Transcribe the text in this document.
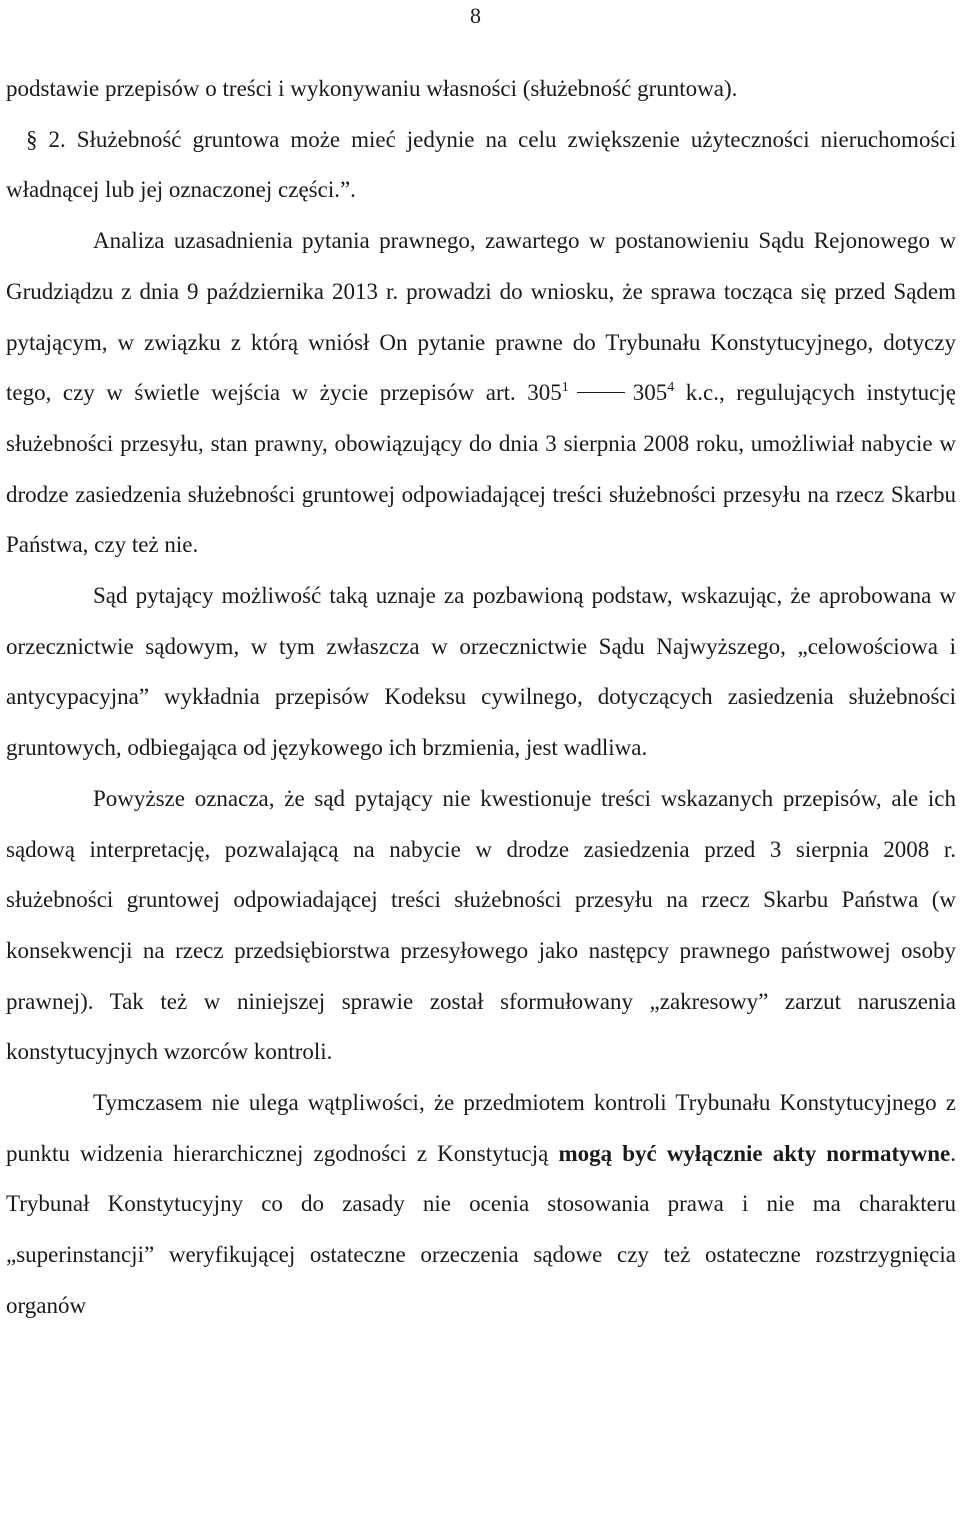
8

podstawie przepisów o treści i wykonywaniu własności (służebność gruntowa).

§ 2. Służebność gruntowa może mieć jedynie na celu zwiększenie użyteczności nieruchomości władnącej lub jej oznaczonej części.”.

Analiza uzasadnienia pytania prawnego, zawartego w postanowieniu Sądu Rejonowego w Grudziądzu z dnia 9 października 2013 r. prowadzi do wniosku, że sprawa tocząca się przed Sądem pytającym, w związku z którą wniósł On pytanie prawne do Trybunału Konstytucyjnego, dotyczy tego, czy w świetle wejścia w życie przepisów art. $305^1$	$305^4$ k.c., regulujących instytucję służebności przesyłu, stan prawny, obowiązujący do dnia 3 sierpnia 2008 roku, umożliwiał nabycie w drodze zasiedzenia służebności gruntowej odpowiadającej treści służebności przesyłu na rzecz Skarbu Państwa, czy też nie.

Sąd pytający możliwość taką uznaje za pozbawioną podstaw, wskazując, że aprobowana w orzecznictwie sądowym, w tym zwłaszcza w orzecznictwie Sądu Najwyższego, „celowościowa i antycypacyjna” wykładnia przepisów Kodeksu cywilnego, dotyczących zasiedzenia służebności gruntowych, odbiegająca od językowego ich brzmienia, jest wadliwa.

Powyższe oznacza, że sąd pytający nie kwestionuje treści wskazanych przepisów, ale ich sądową interpretację, pozwalającą na nabycie w drodze zasiedzenia przed 3 sierpnia 2008 r. służebności gruntowej odpowiadającej treści służebności przesyłu na rzecz Skarbu Państwa (w konsekwencji na rzecz przedsiębiorstwa przesyłowego jako następcy prawnego państwowej osoby prawnej). Tak też w niniejszej sprawie został sformułowany „zakresowy” zarzut naruszenia konstytucyjnych wzorców kontroli.

Tymczasem nie ulega wątpliwości, że przedmiotem kontroli Trybunału Konstytucyjnego z punktu widzenia hierarchicznej zgodności z Konstytucją mogą być wyłącznie akty normatywne. Trybunał Konstytucyjny co do zasady nie ocenia stosowania prawa i nie ma charakteru „superinstancji” weryfikującej ostateczne orzeczenia sądowe czy też ostateczne rozstrzygnięcia organów
